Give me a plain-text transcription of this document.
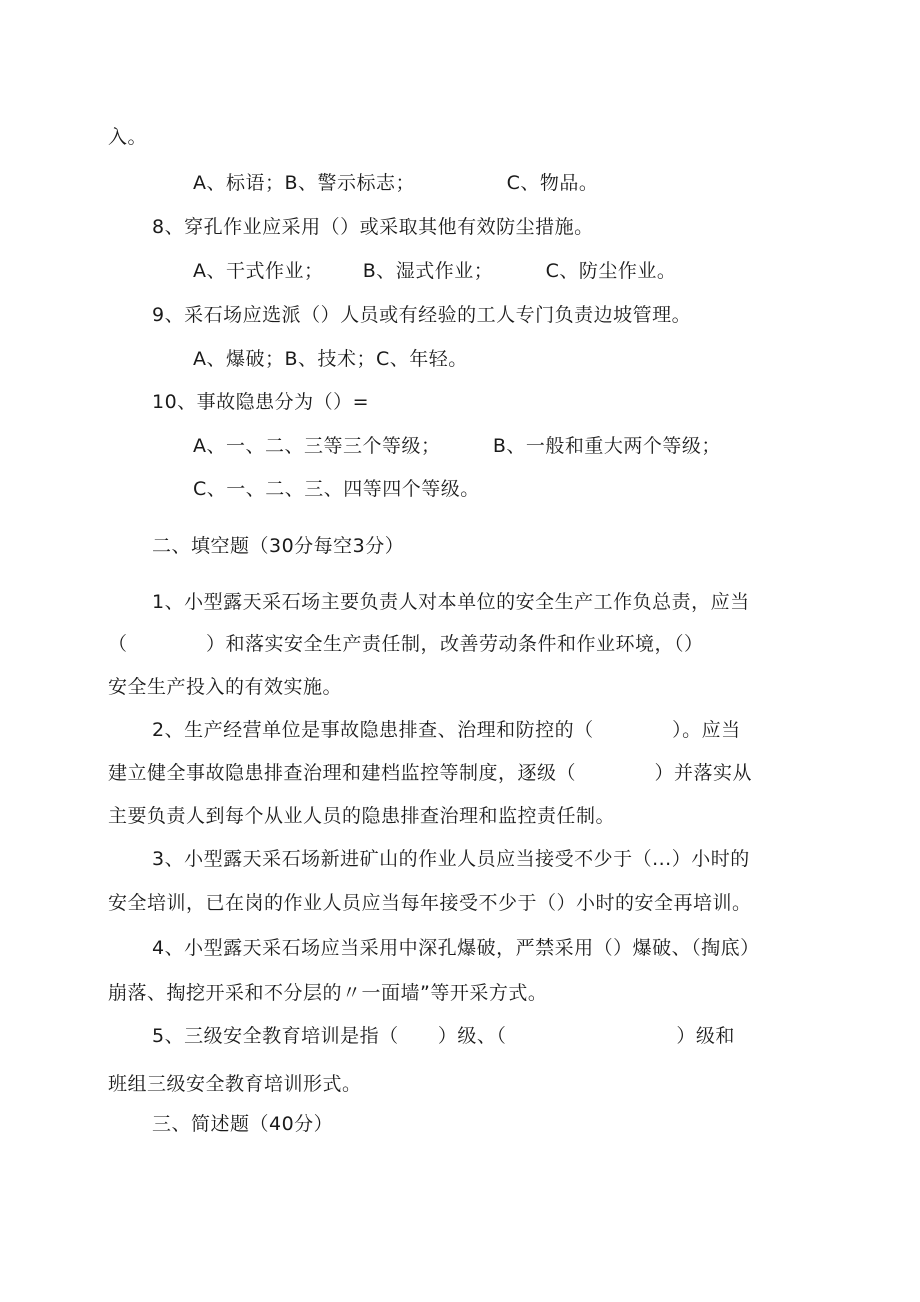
入。
A、标语；B、警示标志；              C、物品。
8、穿孔作业应采用（）或采取其他有效防尘措施。
A、干式作业；      B、湿式作业；        C、防尘作业。
9、采石场应选派（）人员或有经验的工人专门负责边坡管理。
A、爆破；B、技术；C、年轻。
10、事故隐患分为（）=
A、一、二、三等三个等级；        B、一般和重大两个等级；
C、一、二、三、四等四个等级。
二、填空题（30分每空3分）
1、小型露天采石场主要负责人对本单位的安全生产工作负总责，应当
（            ）和落实安全生产责任制，改善劳动条件和作业环境，（）
安全生产投入的有效实施。
2、生产经营单位是事故隐患排查、治理和防控的（            ）。应当
建立健全事故隐患排查治理和建档监控等制度，逐级（            ）并落实从
主要负责人到每个从业人员的隐患排查治理和监控责任制。
3、小型露天采石场新进矿山的作业人员应当接受不少于（...）小时的
安全培训，已在岗的作业人员应当每年接受不少于（）小时的安全再培训。
4、小型露天采石场应当采用中深孔爆破，严禁采用（）爆破、（掏底）
崩落、掏挖开采和不分层的〃一面墙”等开采方式。
5、三级安全教育培训是指（      ）级、（                          ）级和
班组三级安全教育培训形式。
三、简述题（40分）
